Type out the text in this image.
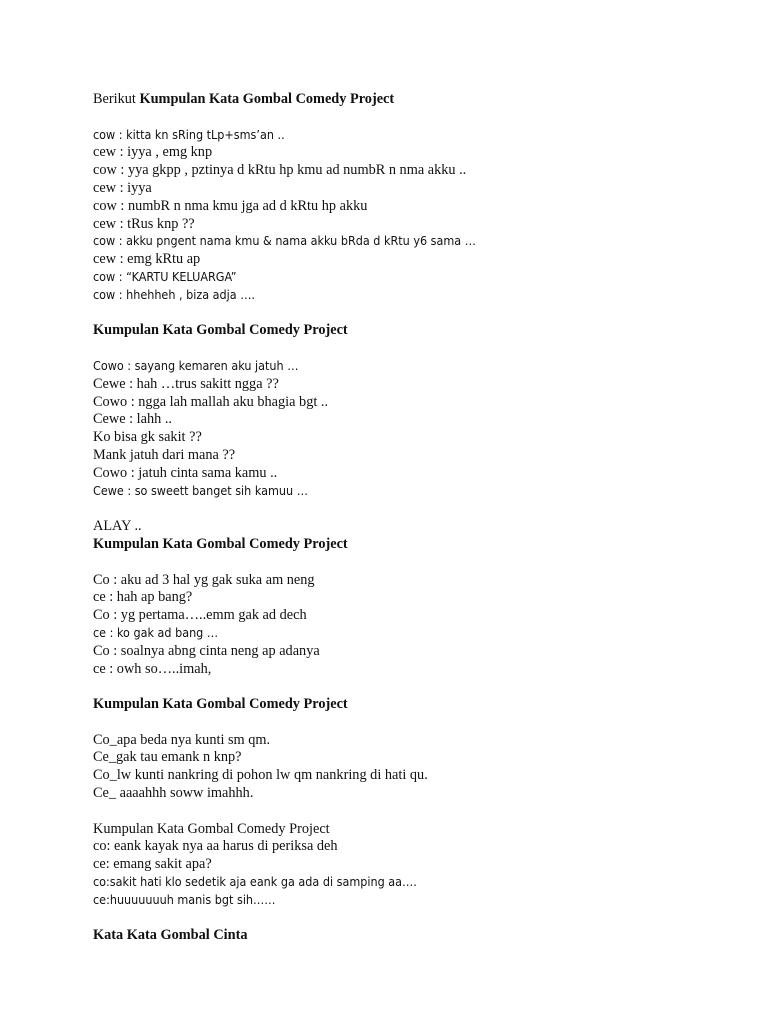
Berikut Kumpulan Kata Gombal Comedy Project
cow : kitta kn sRing tLp+sms’an ..
cew : iyya , emg knp
cow : yya gkpp , pztinya d kRtu hp kmu ad numbR n nma akku ..
cew : iyya
cow : numbR n nma kmu jga ad d kRtu hp akku
cew : tRus knp ??
cow : akku pngent nama kmu & nama akku bRda d kRtu y6 sama …
cew : emg kRtu ap
cow : “KARTU KELUARGA”
cow : hhehheh , biza adja ….
Kumpulan Kata Gombal Comedy Project
Cowo : sayang kemaren aku jatuh …
Cewe : hah …trus sakitt ngga ??
Cowo : ngga lah mallah aku bhagia bgt ..
Cewe : lahh ..
Ko bisa gk sakit ??
Mank jatuh dari mana ??
Cowo : jatuh cinta sama kamu ..
Cewe : so sweett banget sih kamuu …
ALAY ..
Kumpulan Kata Gombal Comedy Project
Co : aku ad 3 hal yg gak suka am neng
ce : hah ap bang?
Co : yg pertama…..emm gak ad dech
ce : ko gak ad bang …
Co : soalnya abng cinta neng ap adanya
ce : owh so…..imah,
Kumpulan Kata Gombal Comedy Project
Co_apa beda nya kunti sm qm.
Ce_gak tau emank n knp?
Co_lw kunti nankring di pohon lw qm nankring di hati qu.
Ce_ aaaahhh soww imahhh.
Kumpulan Kata Gombal Comedy Project
co: eank kayak nya aa harus di periksa deh
ce: emang sakit apa?
co:sakit hati klo sedetik aja eank ga ada di samping aa….
ce:huuuuuuuh manis bgt sih……
Kata Kata Gombal Cinta
